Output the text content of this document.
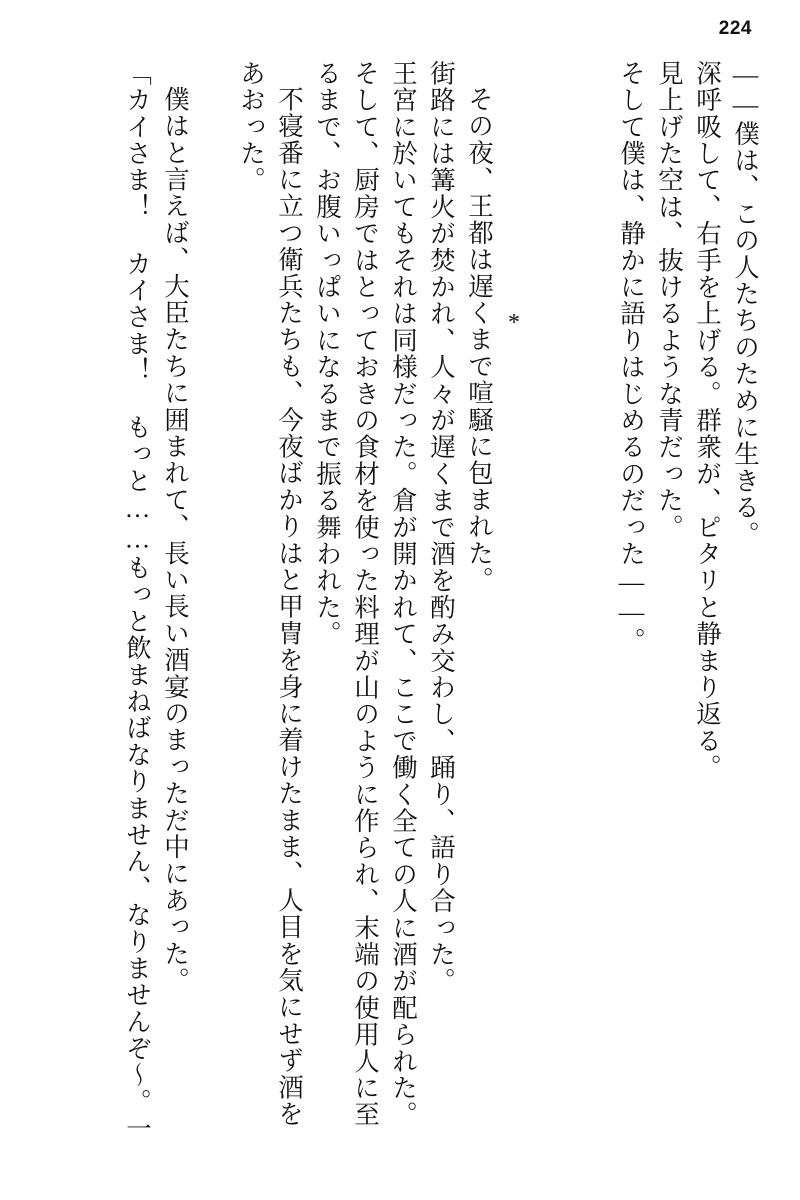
224
*	——僕は、この人たちのために生きる。
深呼吸して、右手を上げる。群衆が、ピタリと静まり返る。
見上げた空は、抜けるような青だった。
そして僕は、静かに語りはじめるのだった——。
その夜、王都は遅くまで喧騒に包まれた。
街路には篝火が焚かれ、人々が遅くまで酒を酌み交わし、踊り、語り合った。
王宮に於いてもそれは同様だった。倉が開かれて、ここで働く全ての人に酒が配られた。
そして、厨房ではとっておきの食材を使った料理が山のように作られ、末端の使用人に至
るまで、お腹いっぱいになるまで振る舞われた。
不寝番に立つ衛兵たちも、今夜ばかりはと甲冑を身に着けたまま、人目を気にせず酒を
あおった。
僕はと言えば、大臣たちに囲まれて、長い長い酒宴のまっただ中にあった。
「カイさま！ カイさま！ もっと……もっと飲まねばなりません、なりませんぞ〜。一
